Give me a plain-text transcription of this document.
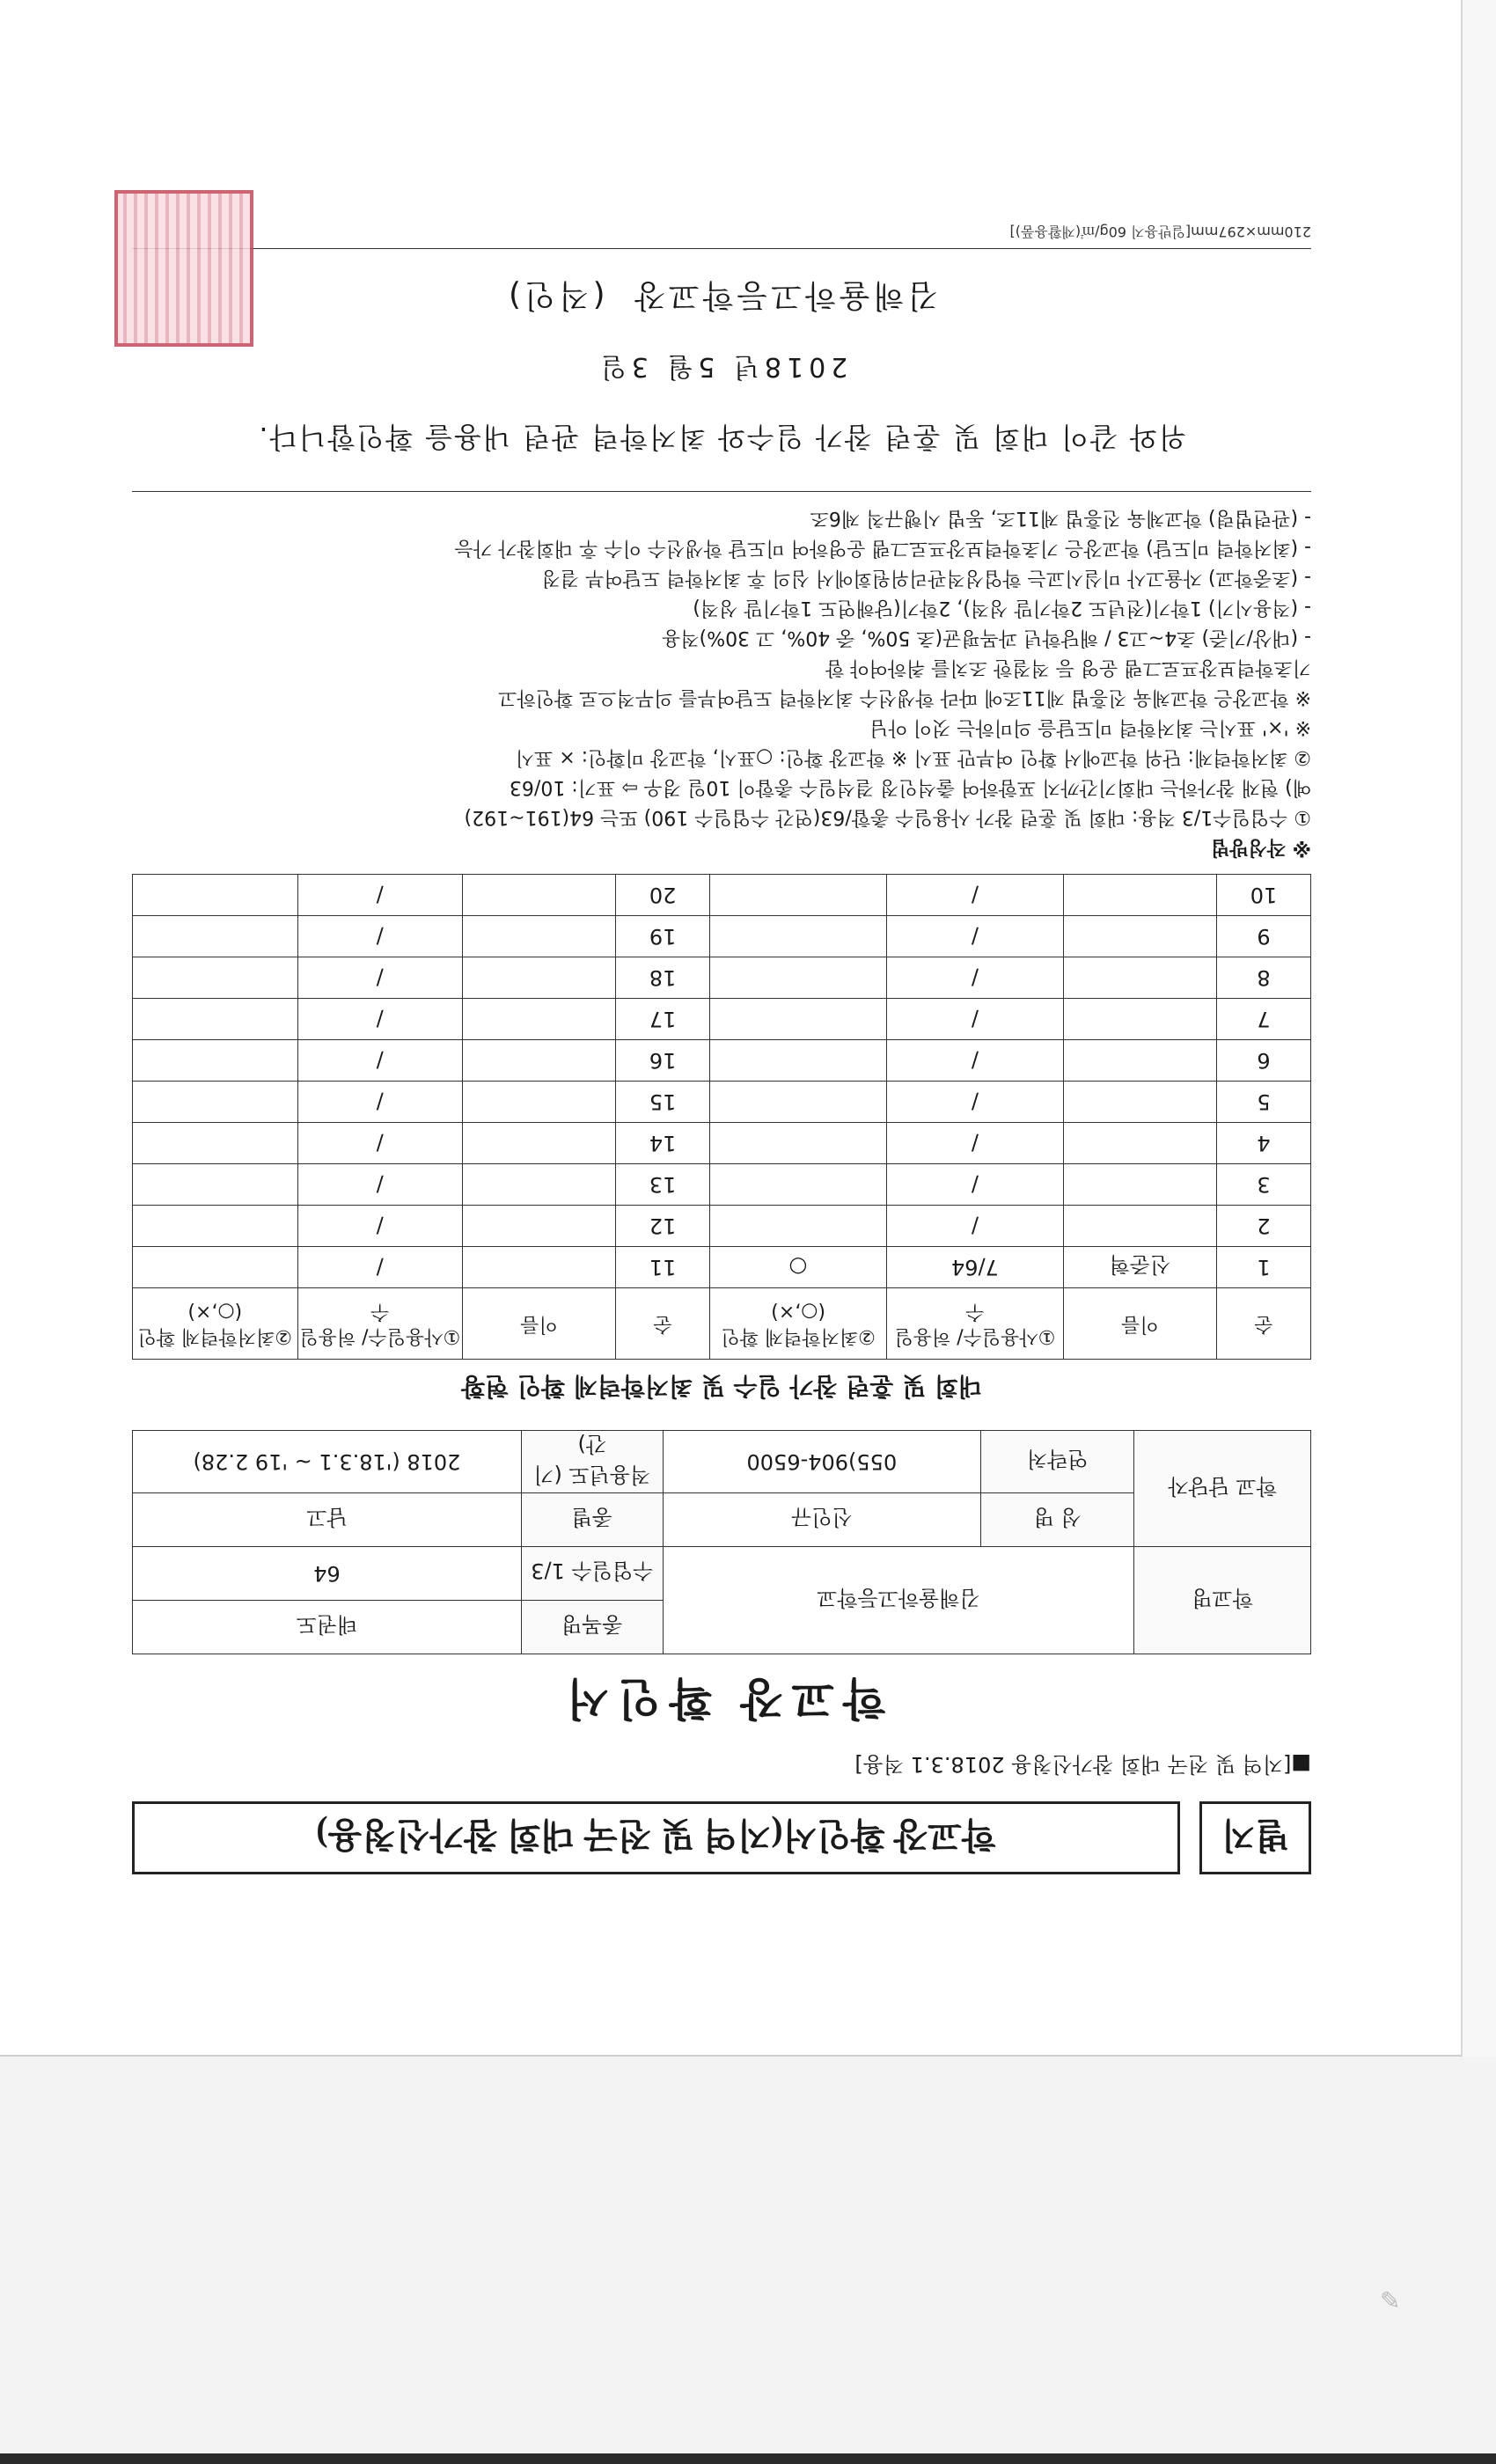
✎
별지
학교장 확인서(지역 및 전국 대회 참가신청용)
■[지역 및 전국 대회 참가신청용 2018.3.1 적용]
학교장 확인서
학교명	김해율하고등학교		종목명	태권도
			수업일수 1/3	64
학교 담당자	성 명	신인규	종별	남고
	연락처	055)904-6500	적용년도 (기간)	2018 ('18.3.1 ~ '19 2.28)
대회 및 훈련 참가 일수 및 최저학력제 확인 현황
순	이름	①사용일수/ 허용일수	②최저학력제 확인(○,×)	순	이름	①사용일수/ 허용일수	②최저학력제 확인(○,×)
1	신준혁	7/64	○	11		/	
2		/		12		/	
3		/		13		/	
4		/		14		/	
5		/		15		/	
6		/		16		/	
7		/		17		/	
8		/		18		/	
9		/		19		/	
10		/		20		/	
※ 작성방법
① 수업일수1/3 적용: 대회 및 훈련 참가 사용일수 총합/63(연간 수업일수 190) 또는 64(191~192)
예) 현재 참가하는 대회기간까지 포함하여 출석인정 결석일수 총합이 10일 경우 ⇨ 표기: 10/63
② 최저학력제: 단위 학교에서 확인 여부만 표시 ※ 학교장 확인: ○표시, 학교장 미확인: × 표시
※ '×' 표시는 최저학력 미도달을 의미하는 것이 아님
※ 학교장은 학교체육 진흥법 제11조에 따라 학생선수 최저학력 도달여부를 의무적으로 확인하고
기초학력보장프로그램 운영 등 적절한 조치를 취하여야 함
- (대상/기준) 초4~고3 / 해당학년 과목평균(초 50%, 중 40%, 고 30%)적용
- (적용시기) 1학기(전년도 2학기말 성적), 2학기(당해연도 1학기말 성적)
- (초중학교) 자율고사 미실시교는 학업성적관리위원회에서 심의 후 최저학력 도달여부 결정
- (최저학력 미도달) 학교장은 기초학력보장프로그램 운영하여 미도달 학생선수 이수 후 대회참가 가능
- (관련법령) 학교체육 진흥법 제11조, 동법 시행규칙 제6조
위와 같이 대회 및 훈련 참가 일수와 최저학력 관련 내용을 확인합니다.
2018년 5월 3일
김해율하고등학교장 (직인)
210mm×297mm[일반용지 60g/㎡(재활용품)]
